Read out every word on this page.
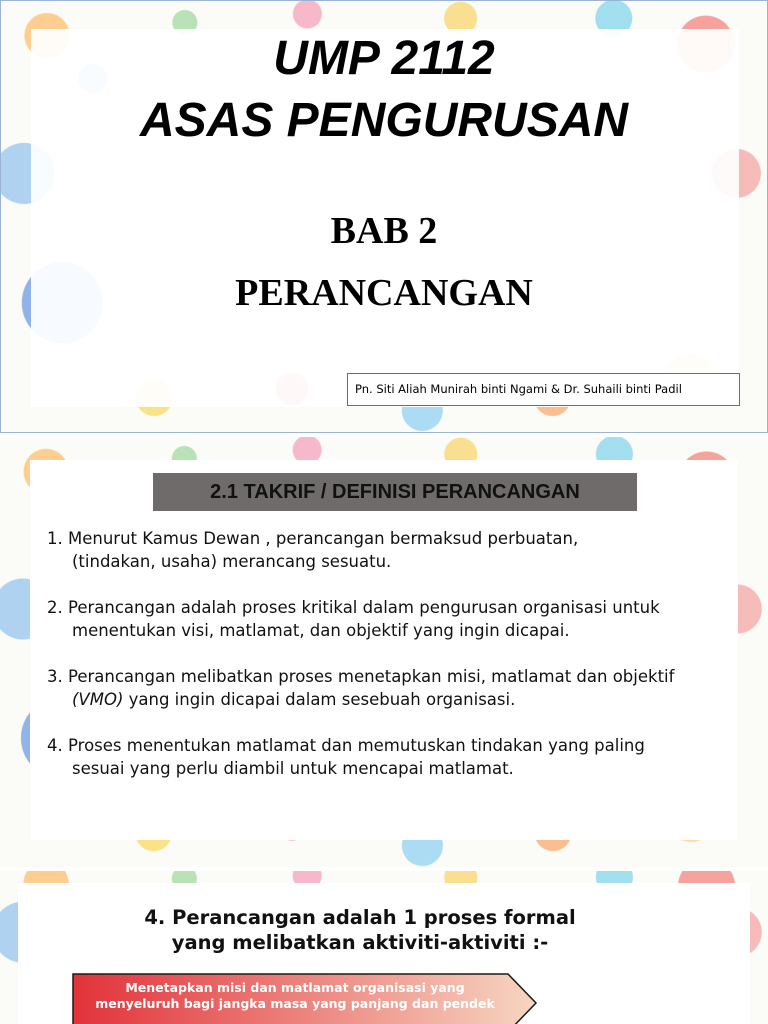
UMP 2112
ASAS PENGURUSAN
BAB 2
PERANCANGAN
Pn. Siti Aliah Munirah binti Ngami & Dr. Suhaili binti Padil
2.1 TAKRIF / DEFINISI PERANCANGAN
1. Menurut Kamus Dewan , perancangan bermaksud perbuatan,
(tindakan, usaha) merancang sesuatu.
2. Perancangan adalah proses kritikal dalam pengurusan organisasi untuk
menentukan visi, matlamat, dan objektif yang ingin dicapai.
3. Perancangan melibatkan proses menetapkan misi, matlamat dan objektif
(VMO) yang ingin dicapai dalam sesebuah organisasi.
4. Proses menentukan matlamat dan memutuskan tindakan yang paling
sesuai yang perlu diambil untuk mencapai matlamat.
4. Perancangan adalah 1 proses formal yang melibatkan aktiviti-aktiviti :-
Menetapkan misi dan matlamat organisasi yang menyeluruh bagi jangka masa yang panjang dan pendek
